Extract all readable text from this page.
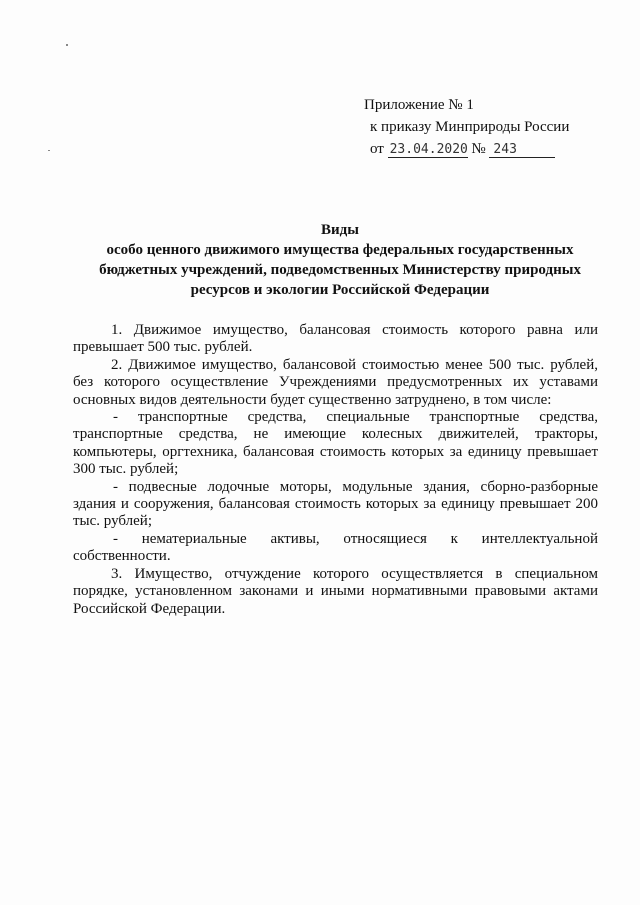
Приложение № 1
к приказу Минприроды России
от 23.04.2020 № 243
Виды
особо ценного движимого имущества федеральных государственных
бюджетных учреждений, подведомственных Министерству природных
ресурсов и экологии Российской Федерации

1. Движимое имущество, балансовая стоимость которого равна или превышает 500 тыс. рублей.

2. Движимое имущество, балансовой стоимостью менее 500 тыс. рублей, без которого осуществление Учреждениями предусмотренных их уставами основных видов деятельности будет существенно затруднено, в том числе:

- транспортные средства, специальные транспортные средства, транспортные средства, не имеющие колесных движителей, тракторы, компьютеры, оргтехника, балансовая стоимость которых за единицу превышает 300 тыс. рублей;

- подвесные лодочные моторы, модульные здания, сборно-разборные здания и сооружения, балансовая стоимость которых за единицу превышает 200 тыс. рублей;

- нематериальные активы, относящиеся к интеллектуальной собственности.

3. Имущество, отчуждение которого осуществляется в специальном порядке, установленном законами и иными нормативными правовыми актами Российской Федерации.
